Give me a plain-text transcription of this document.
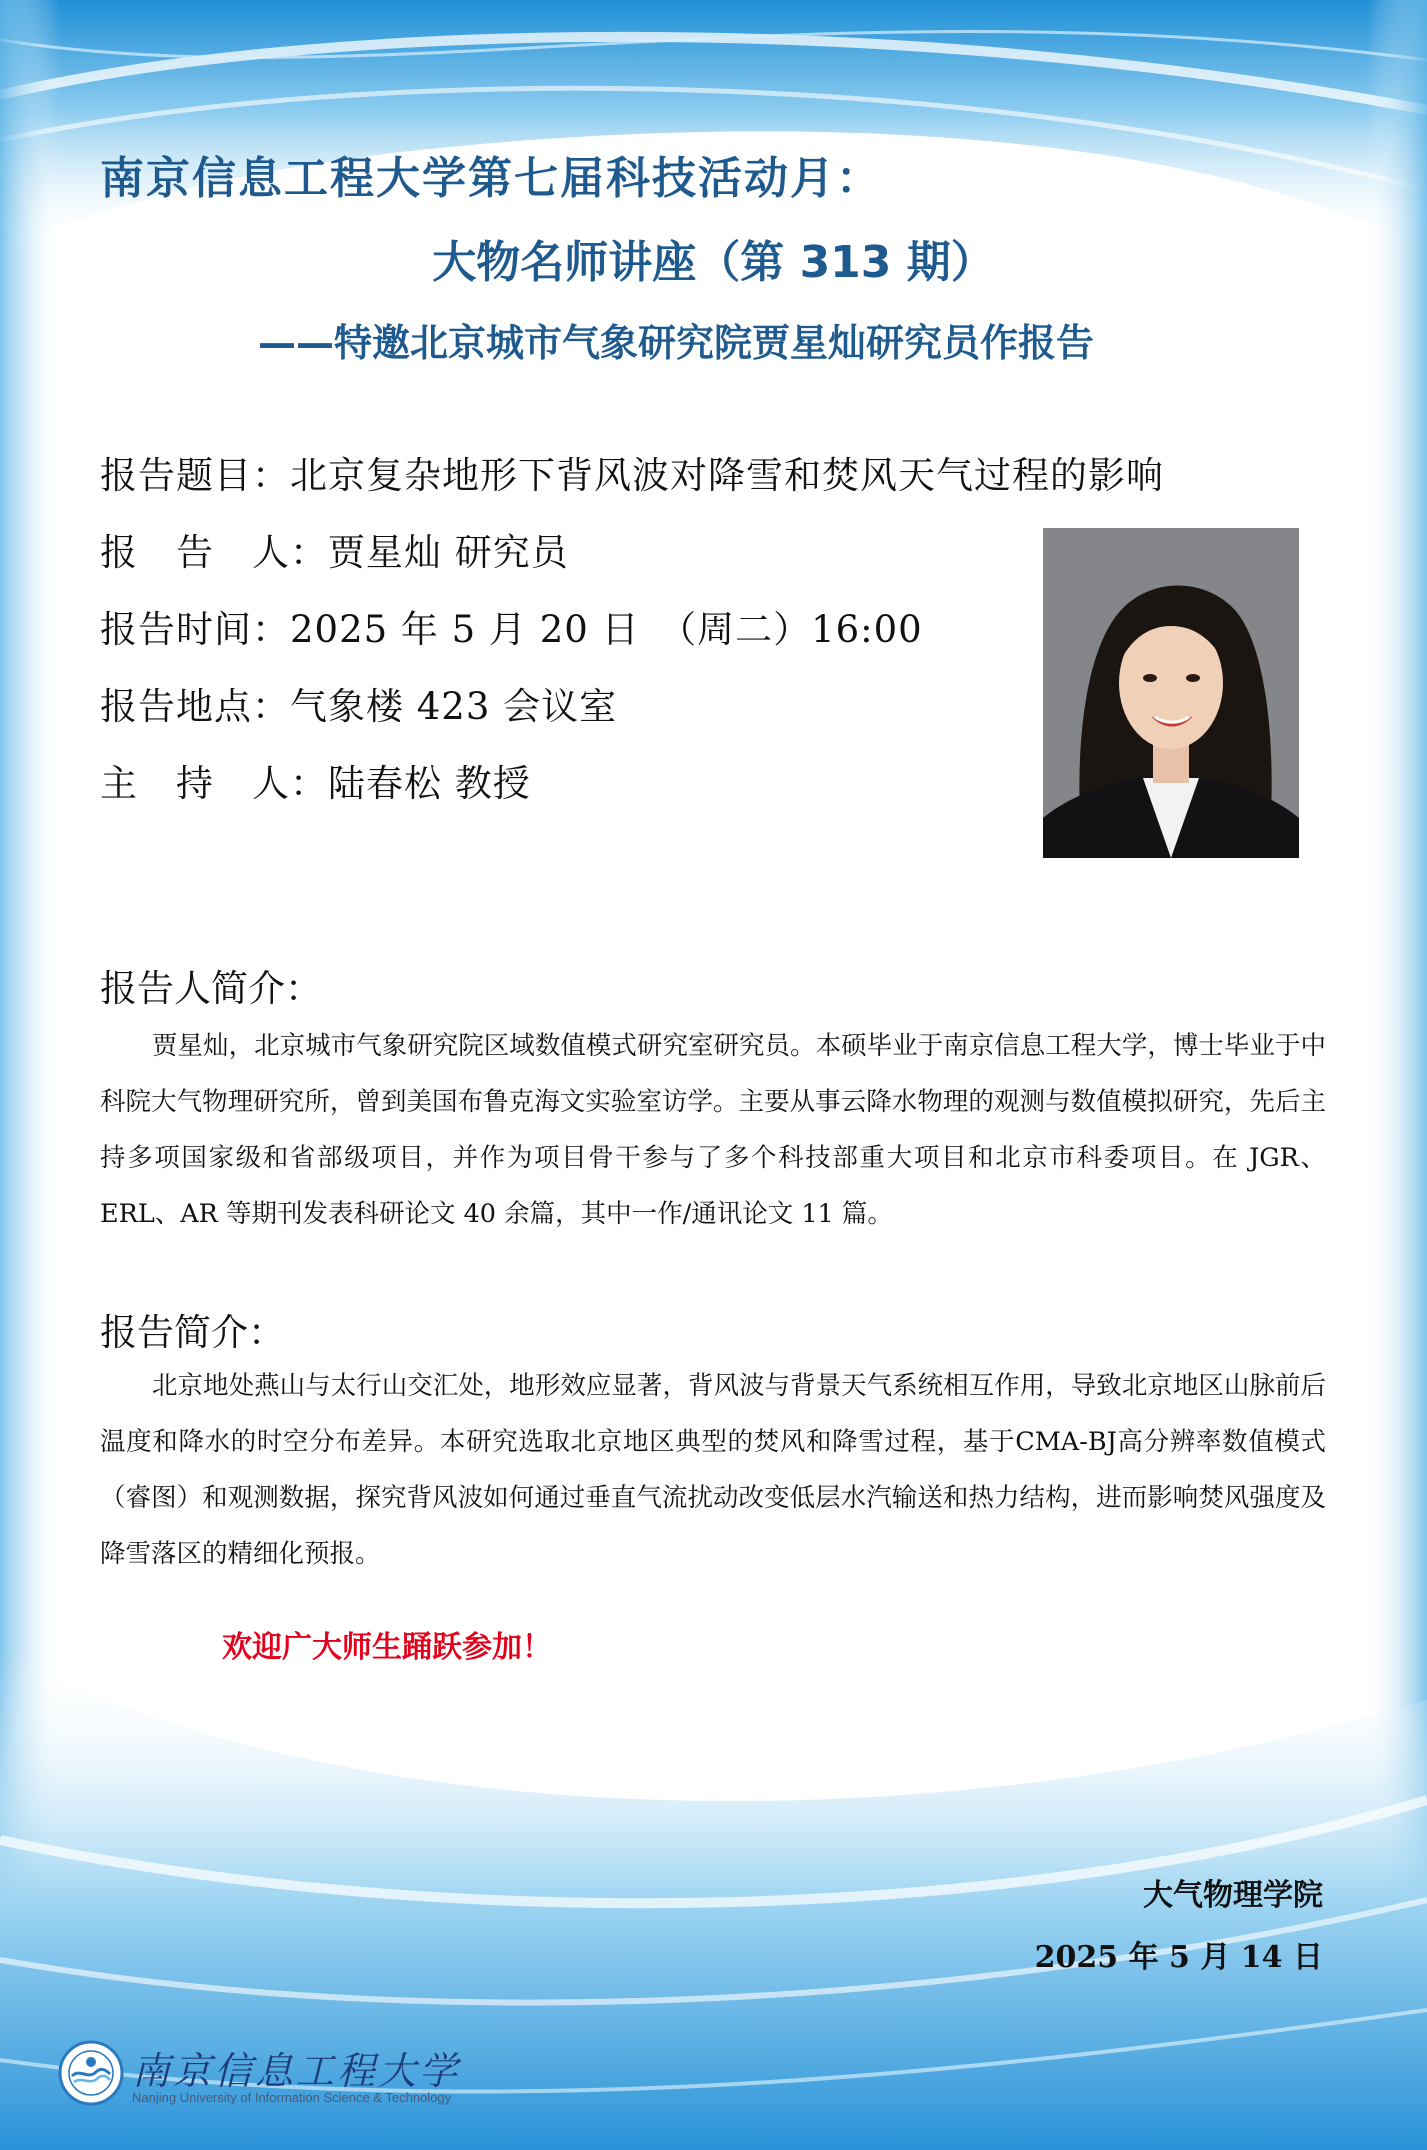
南京信息工程大学第七届科技活动月：
大物名师讲座（第 313 期）
——特邀北京城市气象研究院贾星灿研究员作报告
报告题目：北京复杂地形下背风波对降雪和焚风天气过程的影响
报　告　人：贾星灿 研究员
报告时间：2025 年 5 月 20 日　（周二）16:00
报告地点：气象楼 423 会议室
主　持　人：陆春松 教授
报告人简介：
贾星灿，北京城市气象研究院区域数值模式研究室研究员。本硕毕业于南京信息工程大学，博士毕业于中科院大气物理研究所，曾到美国布鲁克海文实验室访学。主要从事云降水物理的观测与数值模拟研究，先后主持多项国家级和省部级项目，并作为项目骨干参与了多个科技部重大项目和北京市科委项目。在 JGR、ERL、AR 等期刊发表科研论文 40 余篇，其中一作/通讯论文 11 篇。
报告简介：
北京地处燕山与太行山交汇处，地形效应显著，背风波与背景天气系统相互作用，导致北京地区山脉前后温度和降水的时空分布差异。本研究选取北京地区典型的焚风和降雪过程，基于CMA-BJ高分辨率数值模式（睿图）和观测数据，探究背风波如何通过垂直气流扰动改变低层水汽输送和热力结构，进而影响焚风强度及降雪落区的精细化预报。
欢迎广大师生踊跃参加！
大气物理学院
2025 年 5 月 14 日
南京信息工程大学
Nanjing University of Information Science & Technology
